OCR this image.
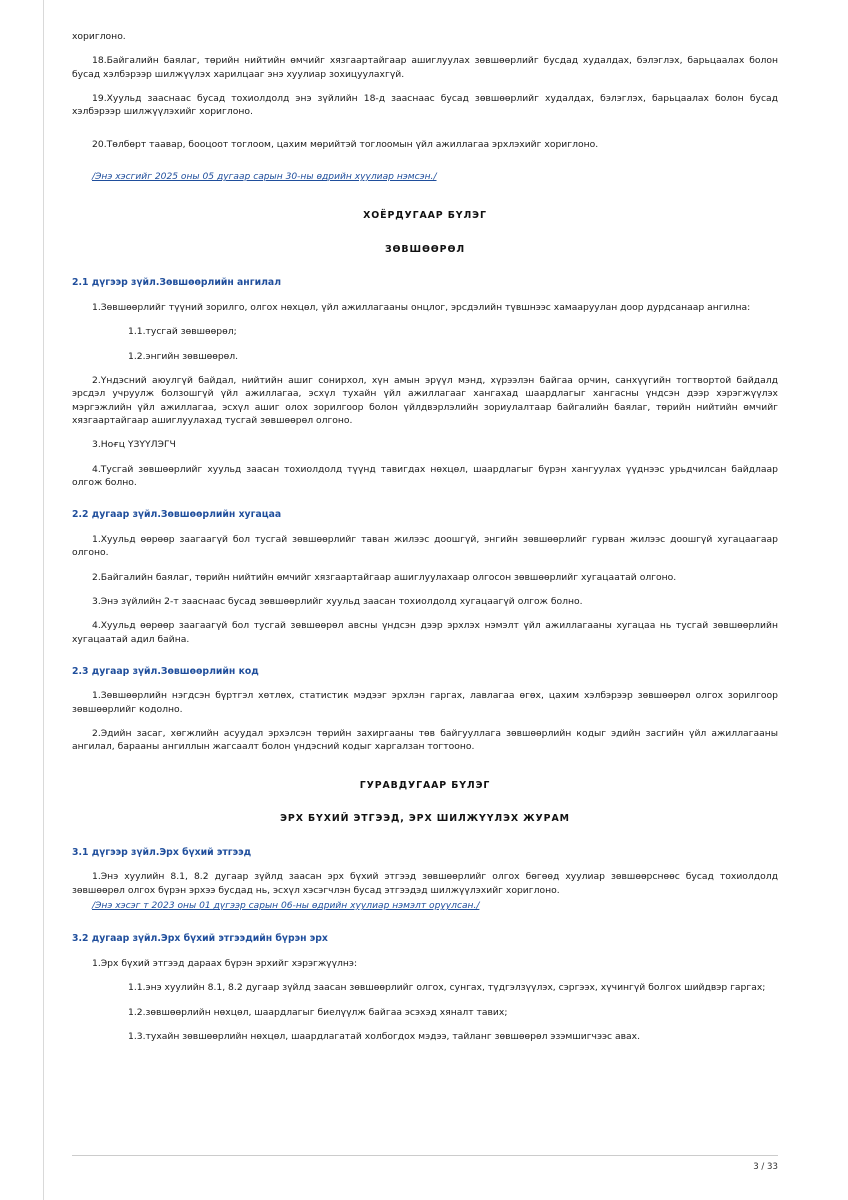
хориглоно.

18.Байгалийн баялаг, төрийн нийтийн өмчийг хязгаартайгаар ашиглуулах зөвшөөрлийг бусдад худалдах, бэлэглэх, барьцаалах болон бусад хэлбэрээр шилжүүлэх харилцааг энэ хуулиар зохицуулахгүй.

19.Хуульд зааснаас бусад тохиолдолд энэ зүйлийн 18-д зааснаас бусад зөвшөөрлийг худалдах, бэлэглэх, барьцаалах болон бусад хэлбэрээр шилжүүлэхийг хориглоно.

20.Төлбөрт таавар, бооцоот тоглоом, цахим мөрийтэй тоглоомын үйл ажиллагаа эрхлэхийг хориглоно.

/Энэ хэсгийг 2025 оны 05 дугаар сарын 30-ны өдрийн хуулиар нэмсэн./

ХОЁРДУГААР БҮЛЭГ

ЗӨВШӨӨРӨЛ

2.1 дүгээр зүйл.Зөвшөөрлийн ангилал

1.Зөвшөөрлийг түүний зорилго, олгох нөхцөл, үйл ажиллагааны онцлог, эрсдэлийн түвшнээс хамааруулан доор дурдсанаар ангилна:

1.1.тусгай зөвшөөрөл;

1.2.энгийн зөвшөөрөл.

2.Үндэсний аюулгүй байдал, нийтийн ашиг сонирхол, хүн амын эрүүл мэнд, хүрээлэн байгаа орчин, санхүүгийн тогтвортой байдалд эрсдэл учруулж болзошгүй үйл ажиллагаа, эсхүл тухайн үйл ажиллагааг хангахад шаардлагыг хангасны үндсэн дээр хэрэгжүүлэх мэргэжлийн үйл ажиллагаа, эсхүл ашиг олох зорилгоор болон үйлдвэрлэлийн зориулалтаар байгалийн баялаг, төрийн нийтийн өмчийг хязгаартайгаар ашиглуулахад тусгай зөвшөөрөл олгоно.

3.Ноғц ҮЗҮҮЛЭГЧ

4.Тусгай зөвшөөрлийг хуульд заасан тохиолдолд түүнд тавигдах нөхцөл, шаардлагыг бүрэн хангуулах үүднээс урьдчилсан байдлаар олгож болно.

2.2 дугаар зүйл.Зөвшөөрлийн хугацаа

1.Хуульд өөрөөр заагаагүй бол тусгай зөвшөөрлийг таван жилээс доошгүй, энгийн зөвшөөрлийг гурван жилээс доошгүй хугацаагаар олгоно.

2.Байгалийн баялаг, төрийн нийтийн өмчийг хязгаартайгаар ашиглуулахаар олгосон зөвшөөрлийг хугацаатай олгоно.

3.Энэ зүйлийн 2-т зааснаас бусад зөвшөөрлийг хуульд заасан тохиолдолд хугацаагүй олгож болно.

4.Хуульд өөрөөр заагаагүй бол тусгай зөвшөөрөл авсны үндсэн дээр эрхлэх нэмэлт үйл ажиллагааны хугацаа нь тусгай зөвшөөрлийн хугацаатай адил байна.

2.3 дугаар зүйл.Зөвшөөрлийн код

1.Зөвшөөрлийн нэгдсэн бүртгэл хөтлөх, статистик мэдээг эрхлэн гаргах, лавлагаа өгөх, цахим хэлбэрээр зөвшөөрөл олгох зорилгоор зөвшөөрлийг кодолно.

2.Эдийн засаг, хөгжлийн асуудал эрхэлсэн төрийн захиргааны төв байгууллага зөвшөөрлийн кодыг эдийн засгийн үйл ажиллагааны ангилал, барааны ангиллын жагсаалт болон үндэсний кодыг харгалзан тогтооно.

ГУРАВДУГААР БҮЛЭГ

ЭРХ БҮХИЙ ЭТГЭЭД, ЭРХ ШИЛЖҮҮЛЭХ ЖУРАМ

3.1 дүгээр зүйл.Эрх бүхий этгээд

1.Энэ хуулийн 8.1, 8.2 дугаар зүйлд заасан эрх бүхий этгээд зөвшөөрлийг олгох бөгөөд хуулиар зөвшөөрснөөс бусад тохиолдолд зөвшөөрөл олгох бүрэн эрхээ бусдад нь, эсхүл хэсэгчлэн бусад этгээдэд шилжүүлэхийг хориглоно.

/Энэ хэсэг т 2023 оны 01 дүгээр сарын 06-ны өдрийн хуулиар нэмэлт оруулсан./

3.2 дугаар зүйл.Эрх бүхий этгээдийн бүрэн эрх

1.Эрх бүхий этгээд дараах бүрэн эрхийг хэрэгжүүлнэ:

1.1.энэ хуулийн 8.1, 8.2 дугаар зүйлд заасан зөвшөөрлийг олгох, сунгах, түдгэлзүүлэх, сэргээх, хүчингүй болгох шийдвэр гаргах;

1.2.зөвшөөрлийн нөхцөл, шаардлагыг биелүүлж байгаа эсэхэд хяналт тавих;

1.3.тухайн зөвшөөрлийн нөхцөл, шаардлагатай холбогдох мэдээ, тайланг зөвшөөрөл эзэмшигчээс авах.

3 / 33
